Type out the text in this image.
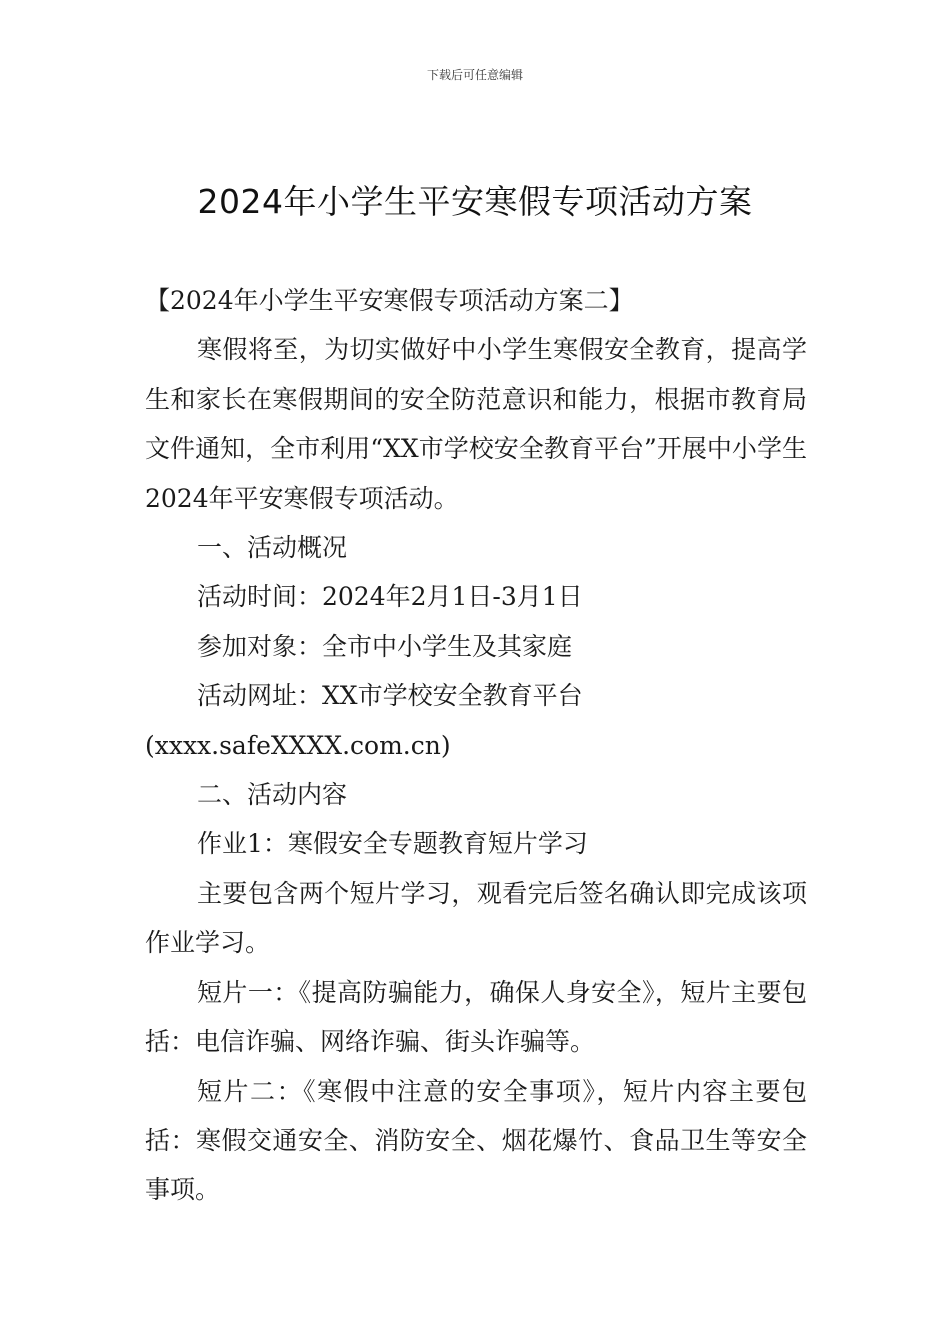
下载后可任意编辑
2024年小学生平安寒假专项活动方案

【2024年小学生平安寒假专项活动方案二】

寒假将至，为切实做好中小学生寒假安全教育，提高学生和家长在寒假期间的安全防范意识和能力，根据市教育局文件通知，全市利用“XX市学校安全教育平台”开展中小学生2024年平安寒假专项活动。

一、活动概况

活动时间：2024年2月1日-3月1日

参加对象：全市中小学生及其家庭

活动网址：XX市学校安全教育平台

(xxxx.safeXXXX.com.cn)

二、活动内容

作业1：寒假安全专题教育短片学习

主要包含两个短片学习，观看完后签名确认即完成该项作业学习。

短片一：《提高防骗能力，确保人身安全》，短片主要包括：电信诈骗、网络诈骗、街头诈骗等。

短片二：《寒假中注意的安全事项》，短片内容主要包括：寒假交通安全、消防安全、烟花爆竹、食品卫生等安全事项。
